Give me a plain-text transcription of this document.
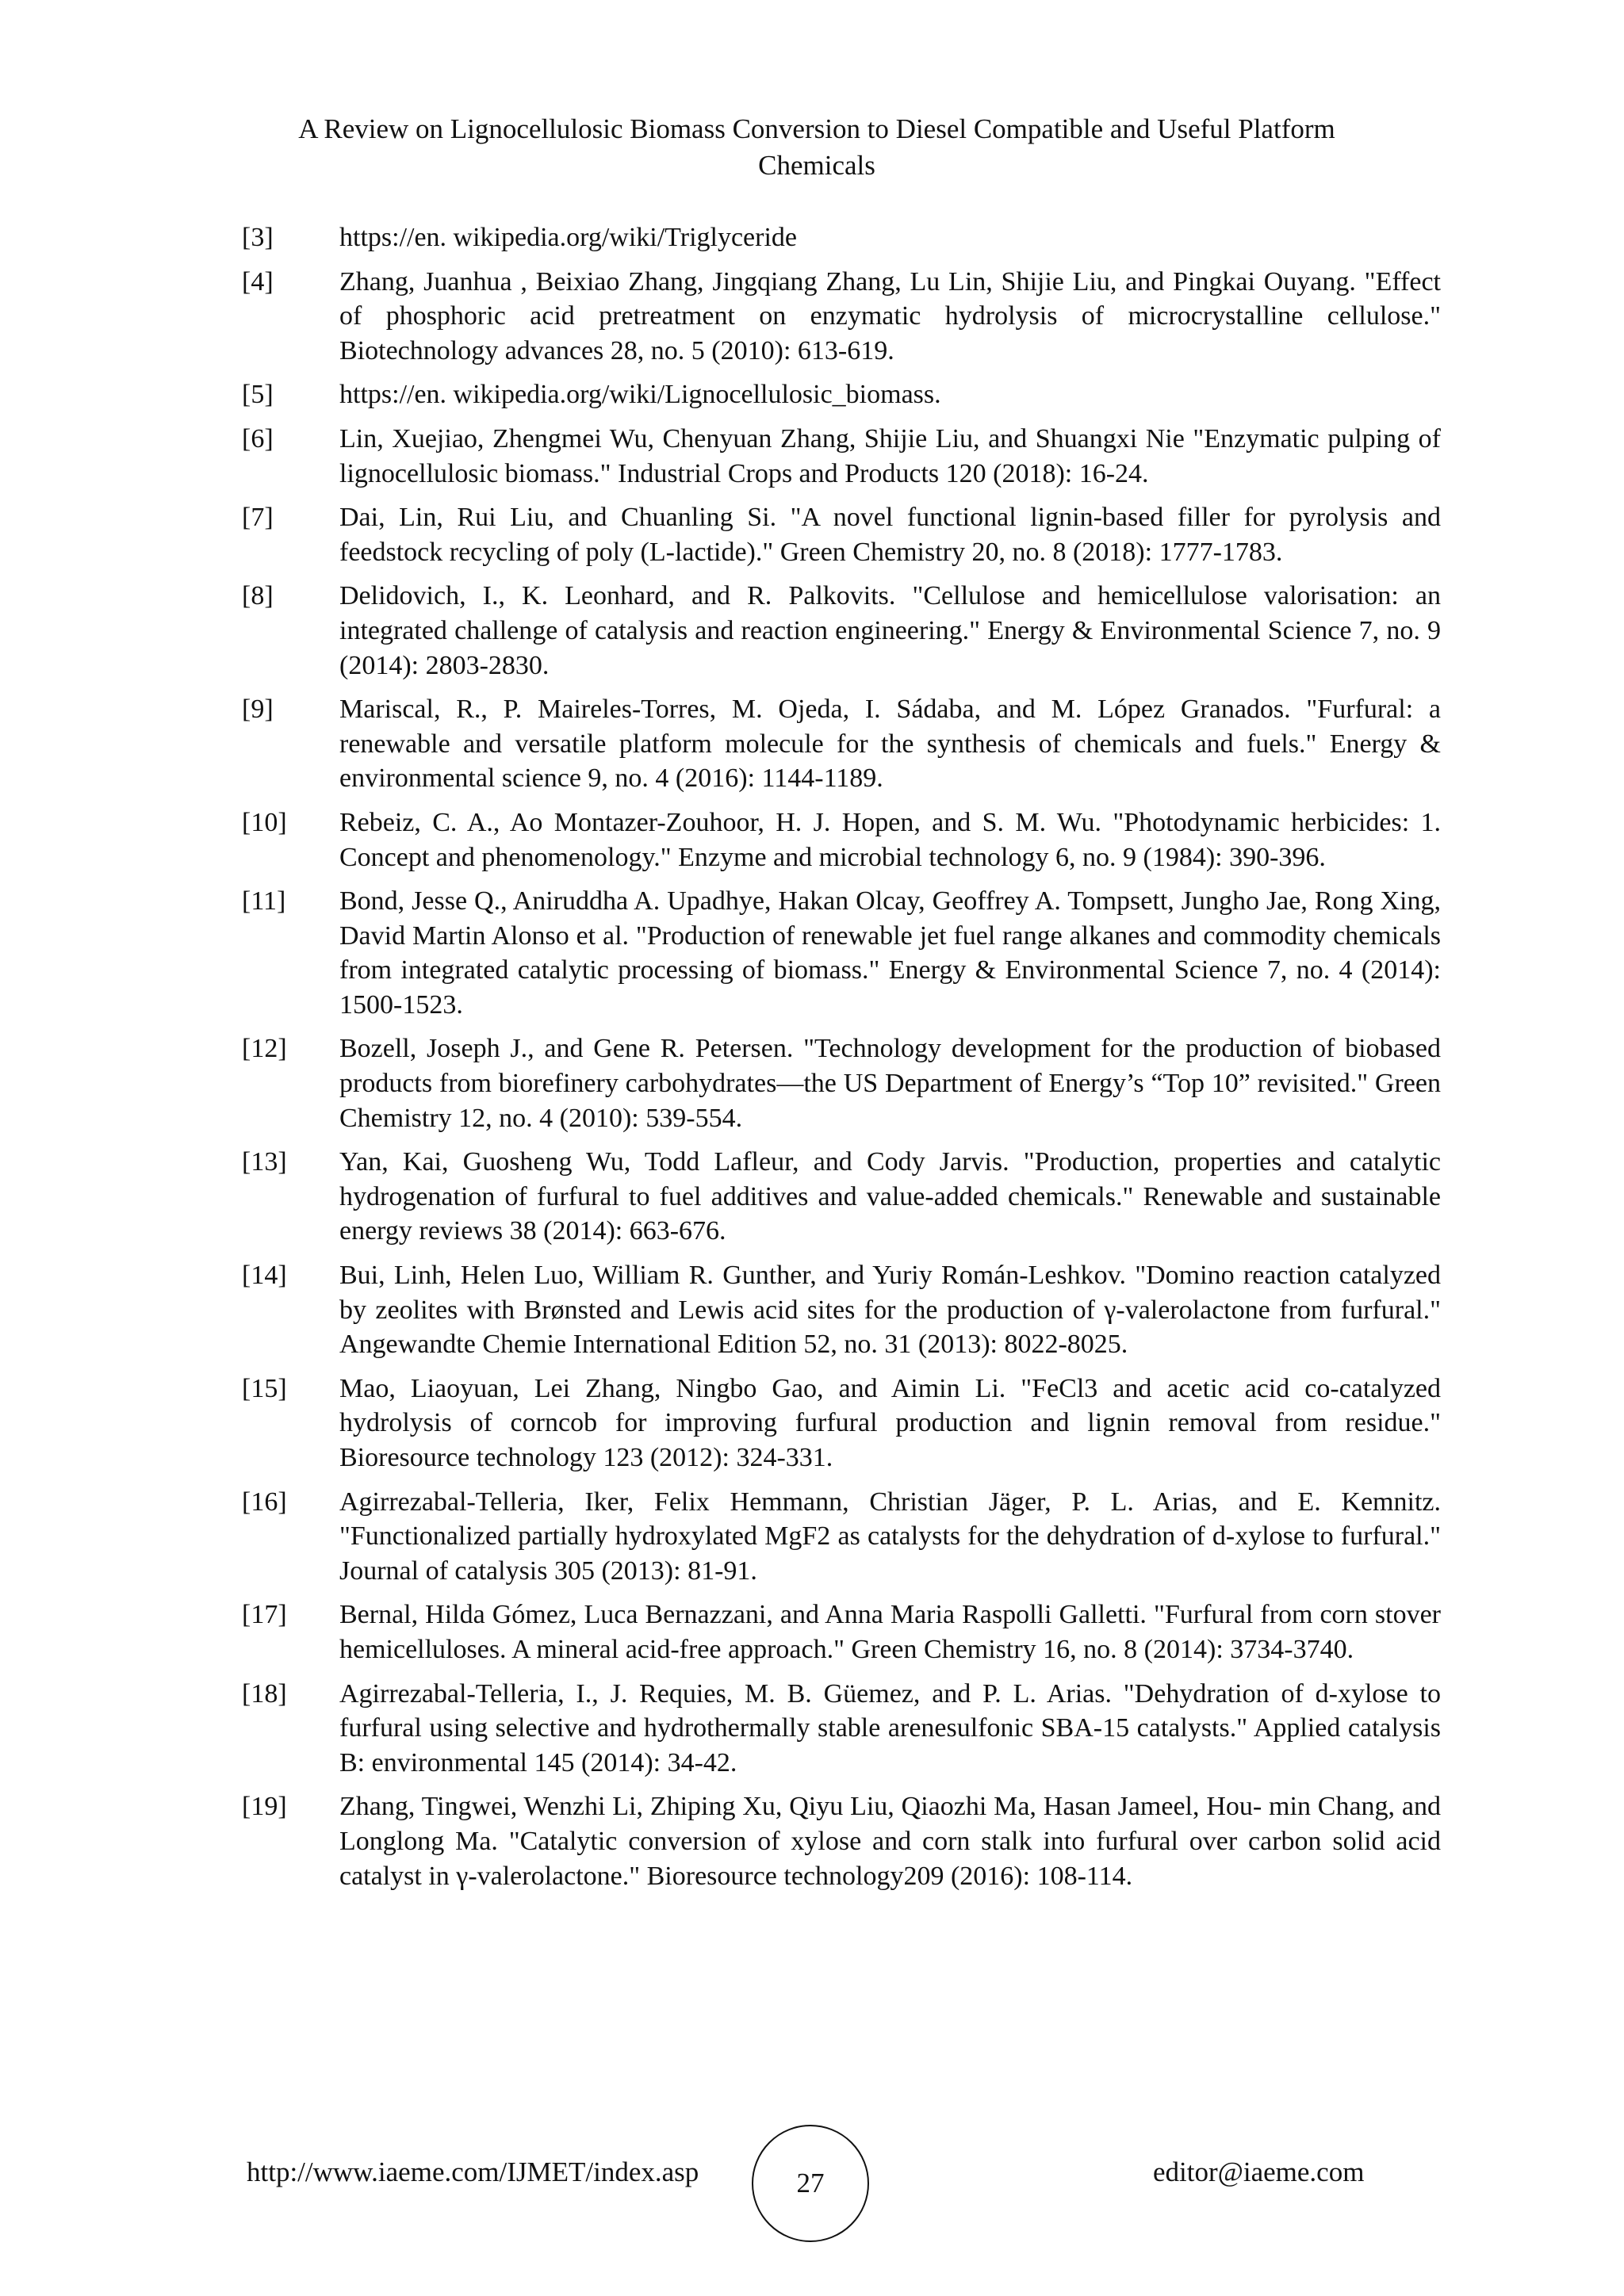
A Review on Lignocellulosic Biomass Conversion to Diesel Compatible and Useful Platform Chemicals
[3]	https://en. wikipedia.org/wiki/Triglyceride
[4]	Zhang, Juanhua , Beixiao Zhang, Jingqiang Zhang, Lu Lin, Shijie Liu, and Pingkai Ouyang. "Effect of phosphoric acid pretreatment on enzymatic hydrolysis of microcrystalline cellulose." Biotechnology advances 28, no. 5 (2010): 613-619.
[5]	https://en. wikipedia.org/wiki/Lignocellulosic_biomass.
[6]	Lin, Xuejiao, Zhengmei Wu, Chenyuan Zhang, Shijie Liu, and Shuangxi Nie "Enzymatic pulping of lignocellulosic biomass." Industrial Crops and Products 120 (2018): 16-24.
[7]	Dai, Lin, Rui Liu, and Chuanling Si. "A novel functional lignin-based filler for pyrolysis and feedstock recycling of poly (L-lactide)." Green Chemistry 20, no. 8 (2018): 1777-1783.
[8]	Delidovich, I., K. Leonhard, and R. Palkovits. "Cellulose and hemicellulose valorisation: an integrated challenge of catalysis and reaction engineering." Energy & Environmental Science 7, no. 9 (2014): 2803-2830.
[9]	Mariscal, R., P. Maireles-Torres, M. Ojeda, I. Sádaba, and M. López Granados. "Furfural: a renewable and versatile platform molecule for the synthesis of chemicals and fuels." Energy & environmental science 9, no. 4 (2016): 1144-1189.
[10]	Rebeiz, C. A., Ao Montazer-Zouhoor, H. J. Hopen, and S. M. Wu. "Photodynamic herbicides: 1. Concept and phenomenology." Enzyme and microbial technology 6, no. 9 (1984): 390-396.
[11]	Bond, Jesse Q., Aniruddha A. Upadhye, Hakan Olcay, Geoffrey A. Tompsett, Jungho Jae, Rong Xing, David Martin Alonso et al. "Production of renewable jet fuel range alkanes and commodity chemicals from integrated catalytic processing of biomass." Energy & Environmental Science 7, no. 4 (2014): 1500-1523.
[12]	Bozell, Joseph J., and Gene R. Petersen. "Technology development for the production of biobased products from biorefinery carbohydrates—the US Department of Energy’s “Top 10” revisited." Green Chemistry 12, no. 4 (2010): 539-554.
[13]	Yan, Kai, Guosheng Wu, Todd Lafleur, and Cody Jarvis. "Production, properties and catalytic hydrogenation of furfural to fuel additives and value-added chemicals." Renewable and sustainable energy reviews 38 (2014): 663-676.
[14]	Bui, Linh, Helen Luo, William R. Gunther, and Yuriy Román-Leshkov. "Domino reaction catalyzed by zeolites with Brønsted and Lewis acid sites for the production of γ-valerolactone from furfural." Angewandte Chemie International Edition 52, no. 31 (2013): 8022-8025.
[15]	Mao, Liaoyuan, Lei Zhang, Ningbo Gao, and Aimin Li. "FeCl3 and acetic acid co-catalyzed hydrolysis of corncob for improving furfural production and lignin removal from residue." Bioresource technology 123 (2012): 324-331.
[16]	Agirrezabal-Telleria, Iker, Felix Hemmann, Christian Jäger, P. L. Arias, and E. Kemnitz. "Functionalized partially hydroxylated MgF2 as catalysts for the dehydration of d-xylose to furfural." Journal of catalysis 305 (2013): 81-91.
[17]	Bernal, Hilda Gómez, Luca Bernazzani, and Anna Maria Raspolli Galletti. "Furfural from corn stover hemicelluloses. A mineral acid-free approach." Green Chemistry 16, no. 8 (2014): 3734-3740.
[18]	Agirrezabal-Telleria, I., J. Requies, M. B. Güemez, and P. L. Arias. "Dehydration of d-xylose to furfural using selective and hydrothermally stable arenesulfonic SBA-15 catalysts." Applied catalysis B: environmental 145 (2014): 34-42.
[19]	Zhang, Tingwei, Wenzhi Li, Zhiping Xu, Qiyu Liu, Qiaozhi Ma, Hasan Jameel, Hou- min Chang, and Longlong Ma. "Catalytic conversion of xylose and corn stalk into furfural over carbon solid acid catalyst in γ-valerolactone." Bioresource technology209 (2016): 108-114.
http://www.iaeme.com/IJMET/index.asp	27	editor@iaeme.com
